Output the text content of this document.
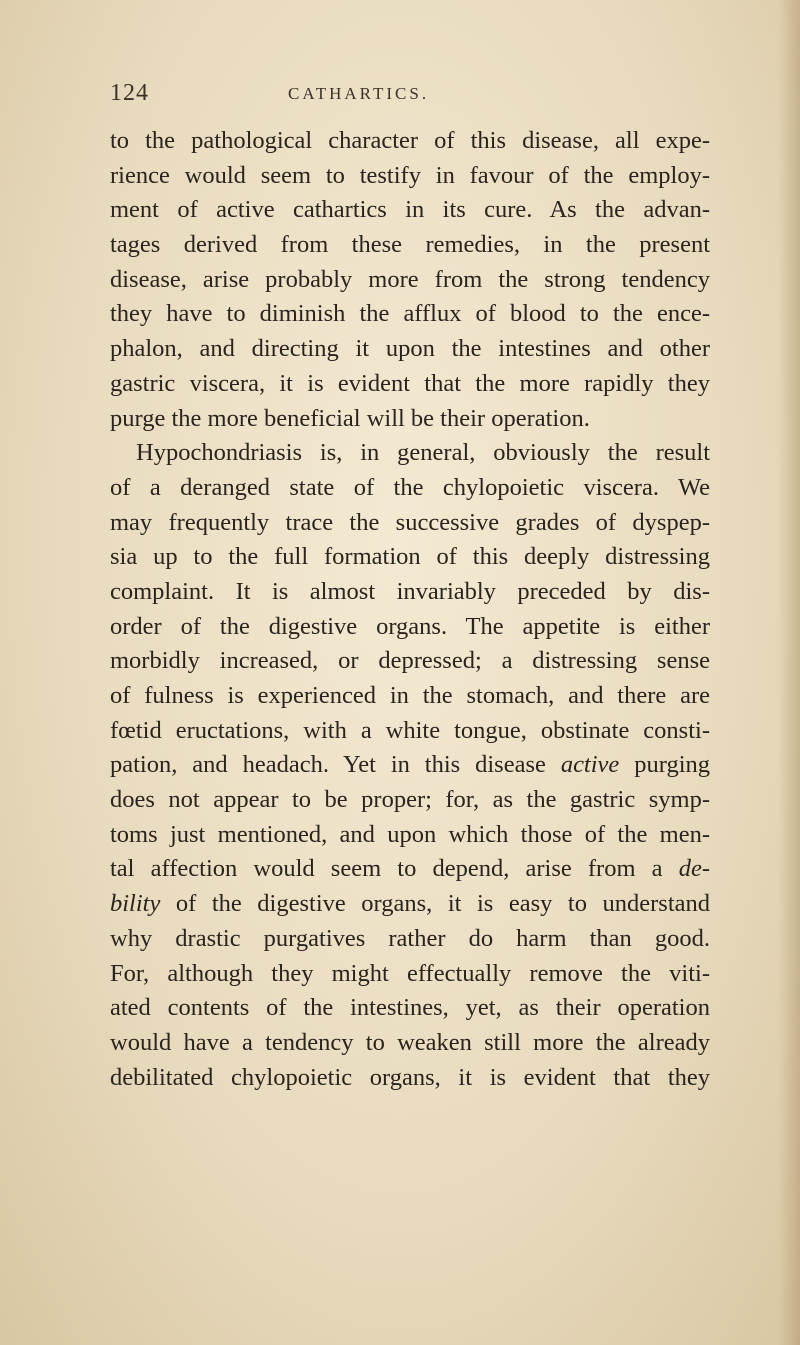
124	CATHARTICS.
to the pathological character of this disease, all expe-
rience would seem to testify in favour of the employ-
ment of active cathartics in its cure. As the advan-
tages derived from these remedies, in the present
disease, arise probably more from the strong tendency
they have to diminish the afflux of blood to the ence-
phalon, and directing it upon the intestines and other
gastric viscera, it is evident that the more rapidly they
purge the more beneficial will be their operation.
Hypochondriasis is, in general, obviously the result
of a deranged state of the chylopoietic viscera. We
may frequently trace the successive grades of dyspep-
sia up to the full formation of this deeply distressing
complaint. It is almost invariably preceded by dis-
order of the digestive organs. The appetite is either
morbidly increased, or depressed; a distressing sense
of fulness is experienced in the stomach, and there are
fœtid eructations, with a white tongue, obstinate consti-
pation, and headach. Yet in this disease active purging
does not appear to be proper; for, as the gastric symp-
toms just mentioned, and upon which those of the men-
tal affection would seem to depend, arise from a de-
bility of the digestive organs, it is easy to understand
why drastic purgatives rather do harm than good.
For, although they might effectually remove the viti-
ated contents of the intestines, yet, as their operation
would have a tendency to weaken still more the already
debilitated chylopoietic organs, it is evident that they
